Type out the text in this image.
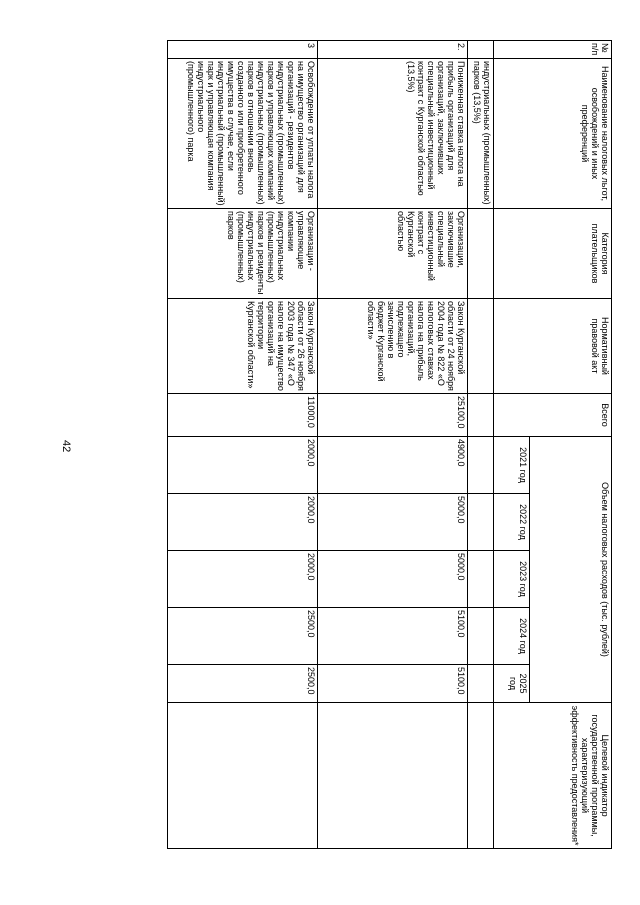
42
№ п/п	Наименование налоговых льгот, освобождений и иных преференций	Категория плательщиков	Нормативный правовой акт	Всего	Объем налоговых расходов (тыс. рублей)					Целевой индикатор государственной программы, характеризующий эффективность предоставления*
					2021 год	2022 год	2023 год	2024 год	2025 год	
	индустриальных (промышленных) парков (13,5%)									
2.	Пониженная ставка налога на прибыль организаций для организаций, заключивших специальный инвестиционный контракт с Курганской областью (13,5%)	Организации, заключившие специальный инвестиционный контракт с Курганской областью	Закон Курганской области от 24 ноября 2004 года № 822 «О налоговых ставках налога на прибыль организаций, подлежащего зачислению в бюджет Курганской области»	25100,0	4900,0	5000,0	5000,0	5100,0	5100,0	
3	Освобождение от уплаты налога на имущество организаций для организаций - резидентов индустриальных (промышленных) парков и управляющих компаний индустриальных (промышленных) парков в отношении вновь созданного или приобретенного имущества в случае, если индустриальный (промышленный) парк и управляющая компания индустриального (промышленного) парка	Организации - управляющие компании индустриальных (промышленных) парков и резиденты индустриальных (промышленных) парков	Закон Курганской области от 26 ноября 2003 года № 347 «О налоге на имущество организаций на территории Курганской области»	11000,0	2000,0	2000,0	2000,0	2500,0	2500,0	
